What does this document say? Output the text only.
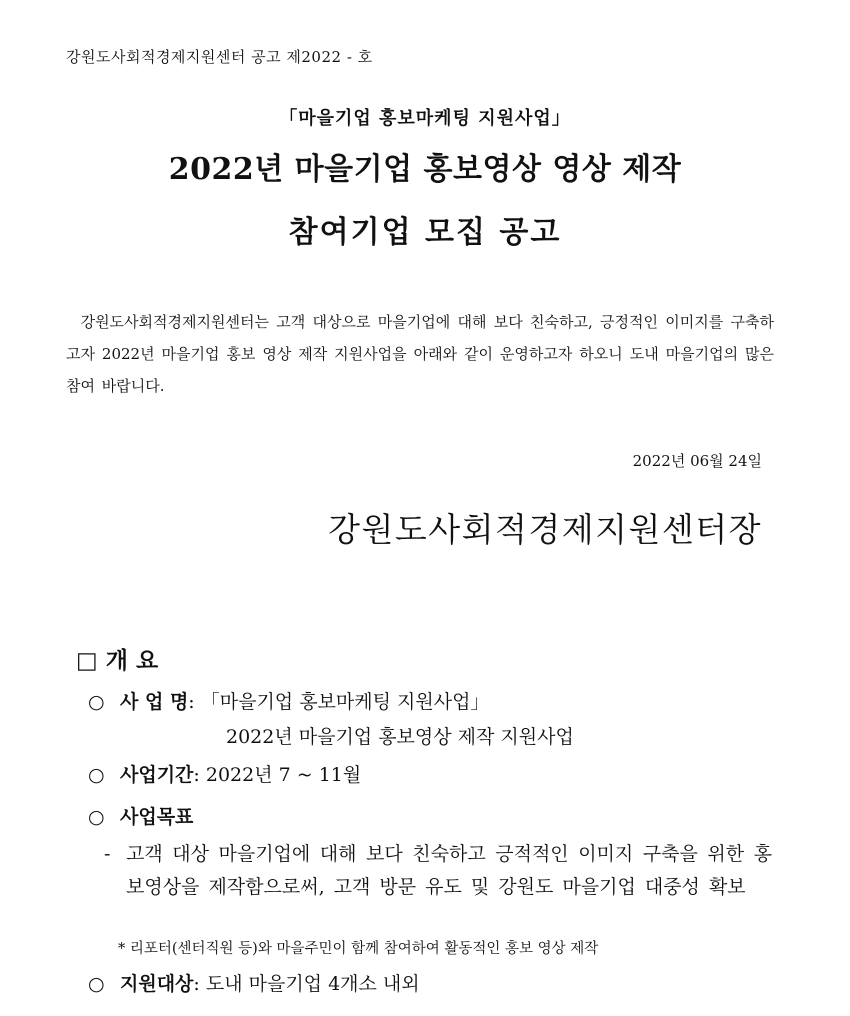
강원도사회적경제지원센터 공고 제2022 - 호
「마을기업 홍보마케팅 지원사업」
2022년 마을기업 홍보영상 영상 제작
참여기업 모집 공고
강원도사회적경제지원센터는 고객 대상으로 마을기업에 대해 보다 친숙하고, 긍정적인 이미지를 구축하고자 2022년 마을기업 홍보 영상 제작 지원사업을 아래와 같이 운영하고자 하오니 도내 마을기업의 많은 참여 바랍니다.
2022년 06월 24일
강원도사회적경제지원센터장
□ 개 요
○ 사 업 명: 「마을기업 홍보마케팅 지원사업」
2022년 마을기업 홍보영상 제작 지원사업
○ 사업기간: 2022년 7 ~ 11월
○ 사업목표
- 고객 대상 마을기업에 대해 보다 친숙하고 긍적적인 이미지 구축을 위한 홍보영상을 제작함으로써, 고객 방문 유도 및 강원도 마을기업 대중성 확보
* 리포터(센터직원 등)와 마을주민이 함께 참여하여 활동적인 홍보 영상 제작
○ 지원대상: 도내 마을기업 4개소 내외
